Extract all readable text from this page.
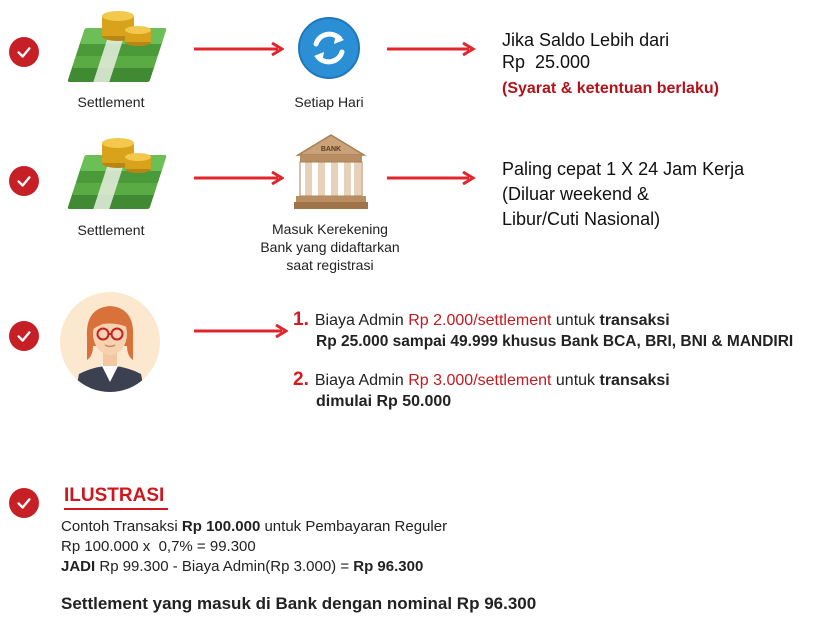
Settlement	Setiap Hari
Jika Saldo Lebih dari
Rp  25.000
(Syarat & ketentuan berlaku)
Settlement
BANK
Masuk Kerekening
Bank yang didaftarkan
saat registrasi
Paling cepat 1 X 24 Jam Kerja
(Diluar weekend &
Libur/Cuti Nasional)
1. Biaya Admin Rp 2.000/settlement untuk transaksi
Rp 25.000 sampai 49.999 khusus Bank BCA, BRI, BNI & MANDIRI
2. Biaya Admin Rp 3.000/settlement untuk transaksi
dimulai Rp 50.000
ILUSTRASI
Contoh Transaksi Rp 100.000 untuk Pembayaran Reguler
Rp 100.000 x  0,7% = 99.300
JADI Rp 99.300 - Biaya Admin(Rp 3.000) = Rp 96.300
Settlement yang masuk di Bank dengan nominal Rp 96.300
